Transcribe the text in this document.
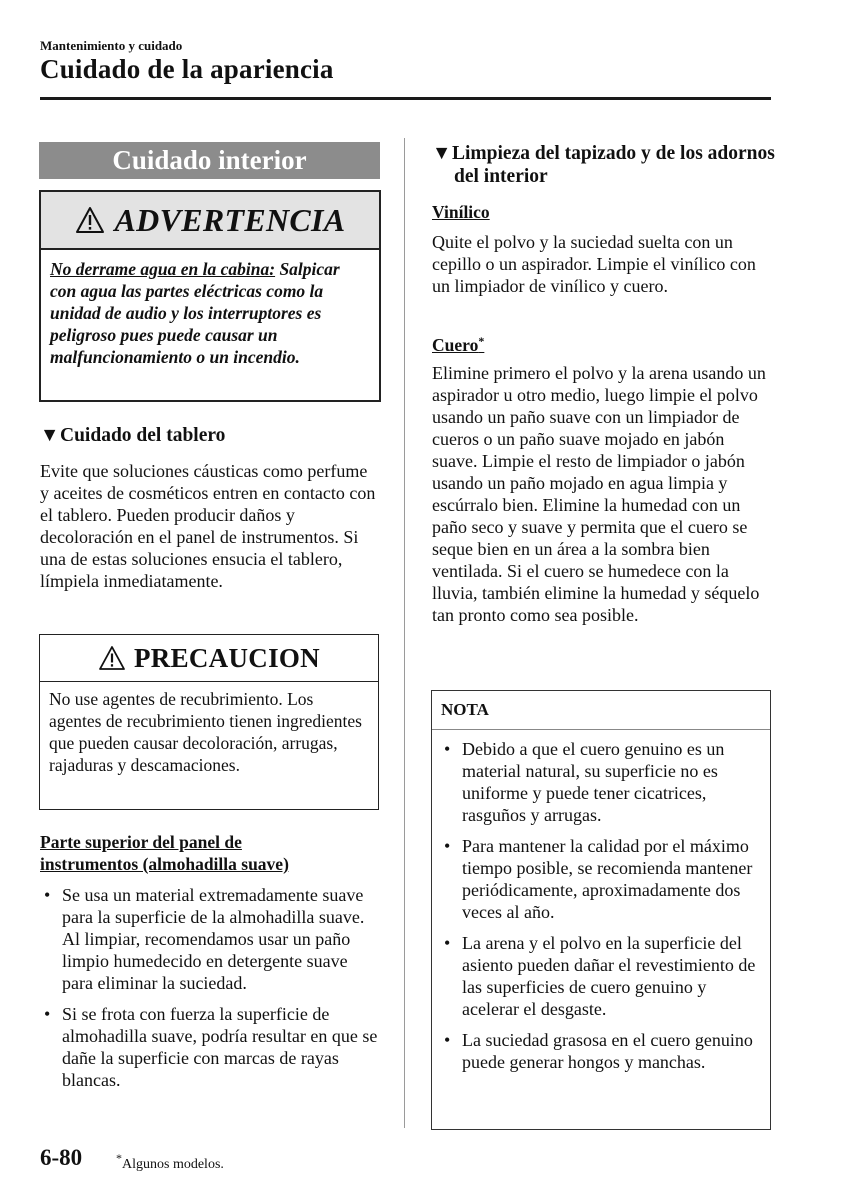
Mantenimiento y cuidado
Cuidado de la apariencia
Cuidado interior
ADVERTENCIA
No derrame agua en la cabina: Salpicar con agua las partes eléctricas como la unidad de audio y los interruptores es peligroso pues puede causar un malfuncionamiento o un incendio.
▼Cuidado del tablero
Evite que soluciones cáusticas como perfume y aceites de cosméticos entren en contacto con el tablero. Pueden producir daños y decoloración en el panel de instrumentos. Si una de estas soluciones ensucia el tablero, límpiela inmediatamente.
PRECAUCION
No use agentes de recubrimiento. Los agentes de recubrimiento tienen ingredientes que pueden causar decoloración, arrugas, rajaduras y descamaciones.
Parte superior del panel de instrumentos (almohadilla suave)
• Se usa un material extremadamente suave para la superficie de la almohadilla suave. Al limpiar, recomendamos usar un paño limpio humedecido en detergente suave para eliminar la suciedad.
• Si se frota con fuerza la superficie de almohadilla suave, podría resultar en que se dañe la superficie con marcas de rayas blancas.
▼Limpieza del tapizado y de los adornos del interior
Vinílico
Quite el polvo y la suciedad suelta con un cepillo o un aspirador. Limpie el vinílico con un limpiador de vinílico y cuero.
Cuero*
Elimine primero el polvo y la arena usando un aspirador u otro medio, luego limpie el polvo usando un paño suave con un limpiador de cueros o un paño suave mojado en jabón suave. Limpie el resto de limpiador o jabón usando un paño mojado en agua limpia y escúrralo bien. Elimine la humedad con un paño seco y suave y permita que el cuero se seque bien en un área a la sombra bien ventilada. Si el cuero se humedece con la lluvia, también elimine la humedad y séquelo tan pronto como sea posible.
NOTA
• Debido a que el cuero genuino es un material natural, su superficie no es uniforme y puede tener cicatrices, rasguños y arrugas.
• Para mantener la calidad por el máximo tiempo posible, se recomienda mantener periódicamente, aproximadamente dos veces al año.
• La arena y el polvo en la superficie del asiento pueden dañar el revestimiento de las superficies de cuero genuino y acelerar el desgaste.
• La suciedad grasosa en el cuero genuino puede generar hongos y manchas.
6-80	*Algunos modelos.
